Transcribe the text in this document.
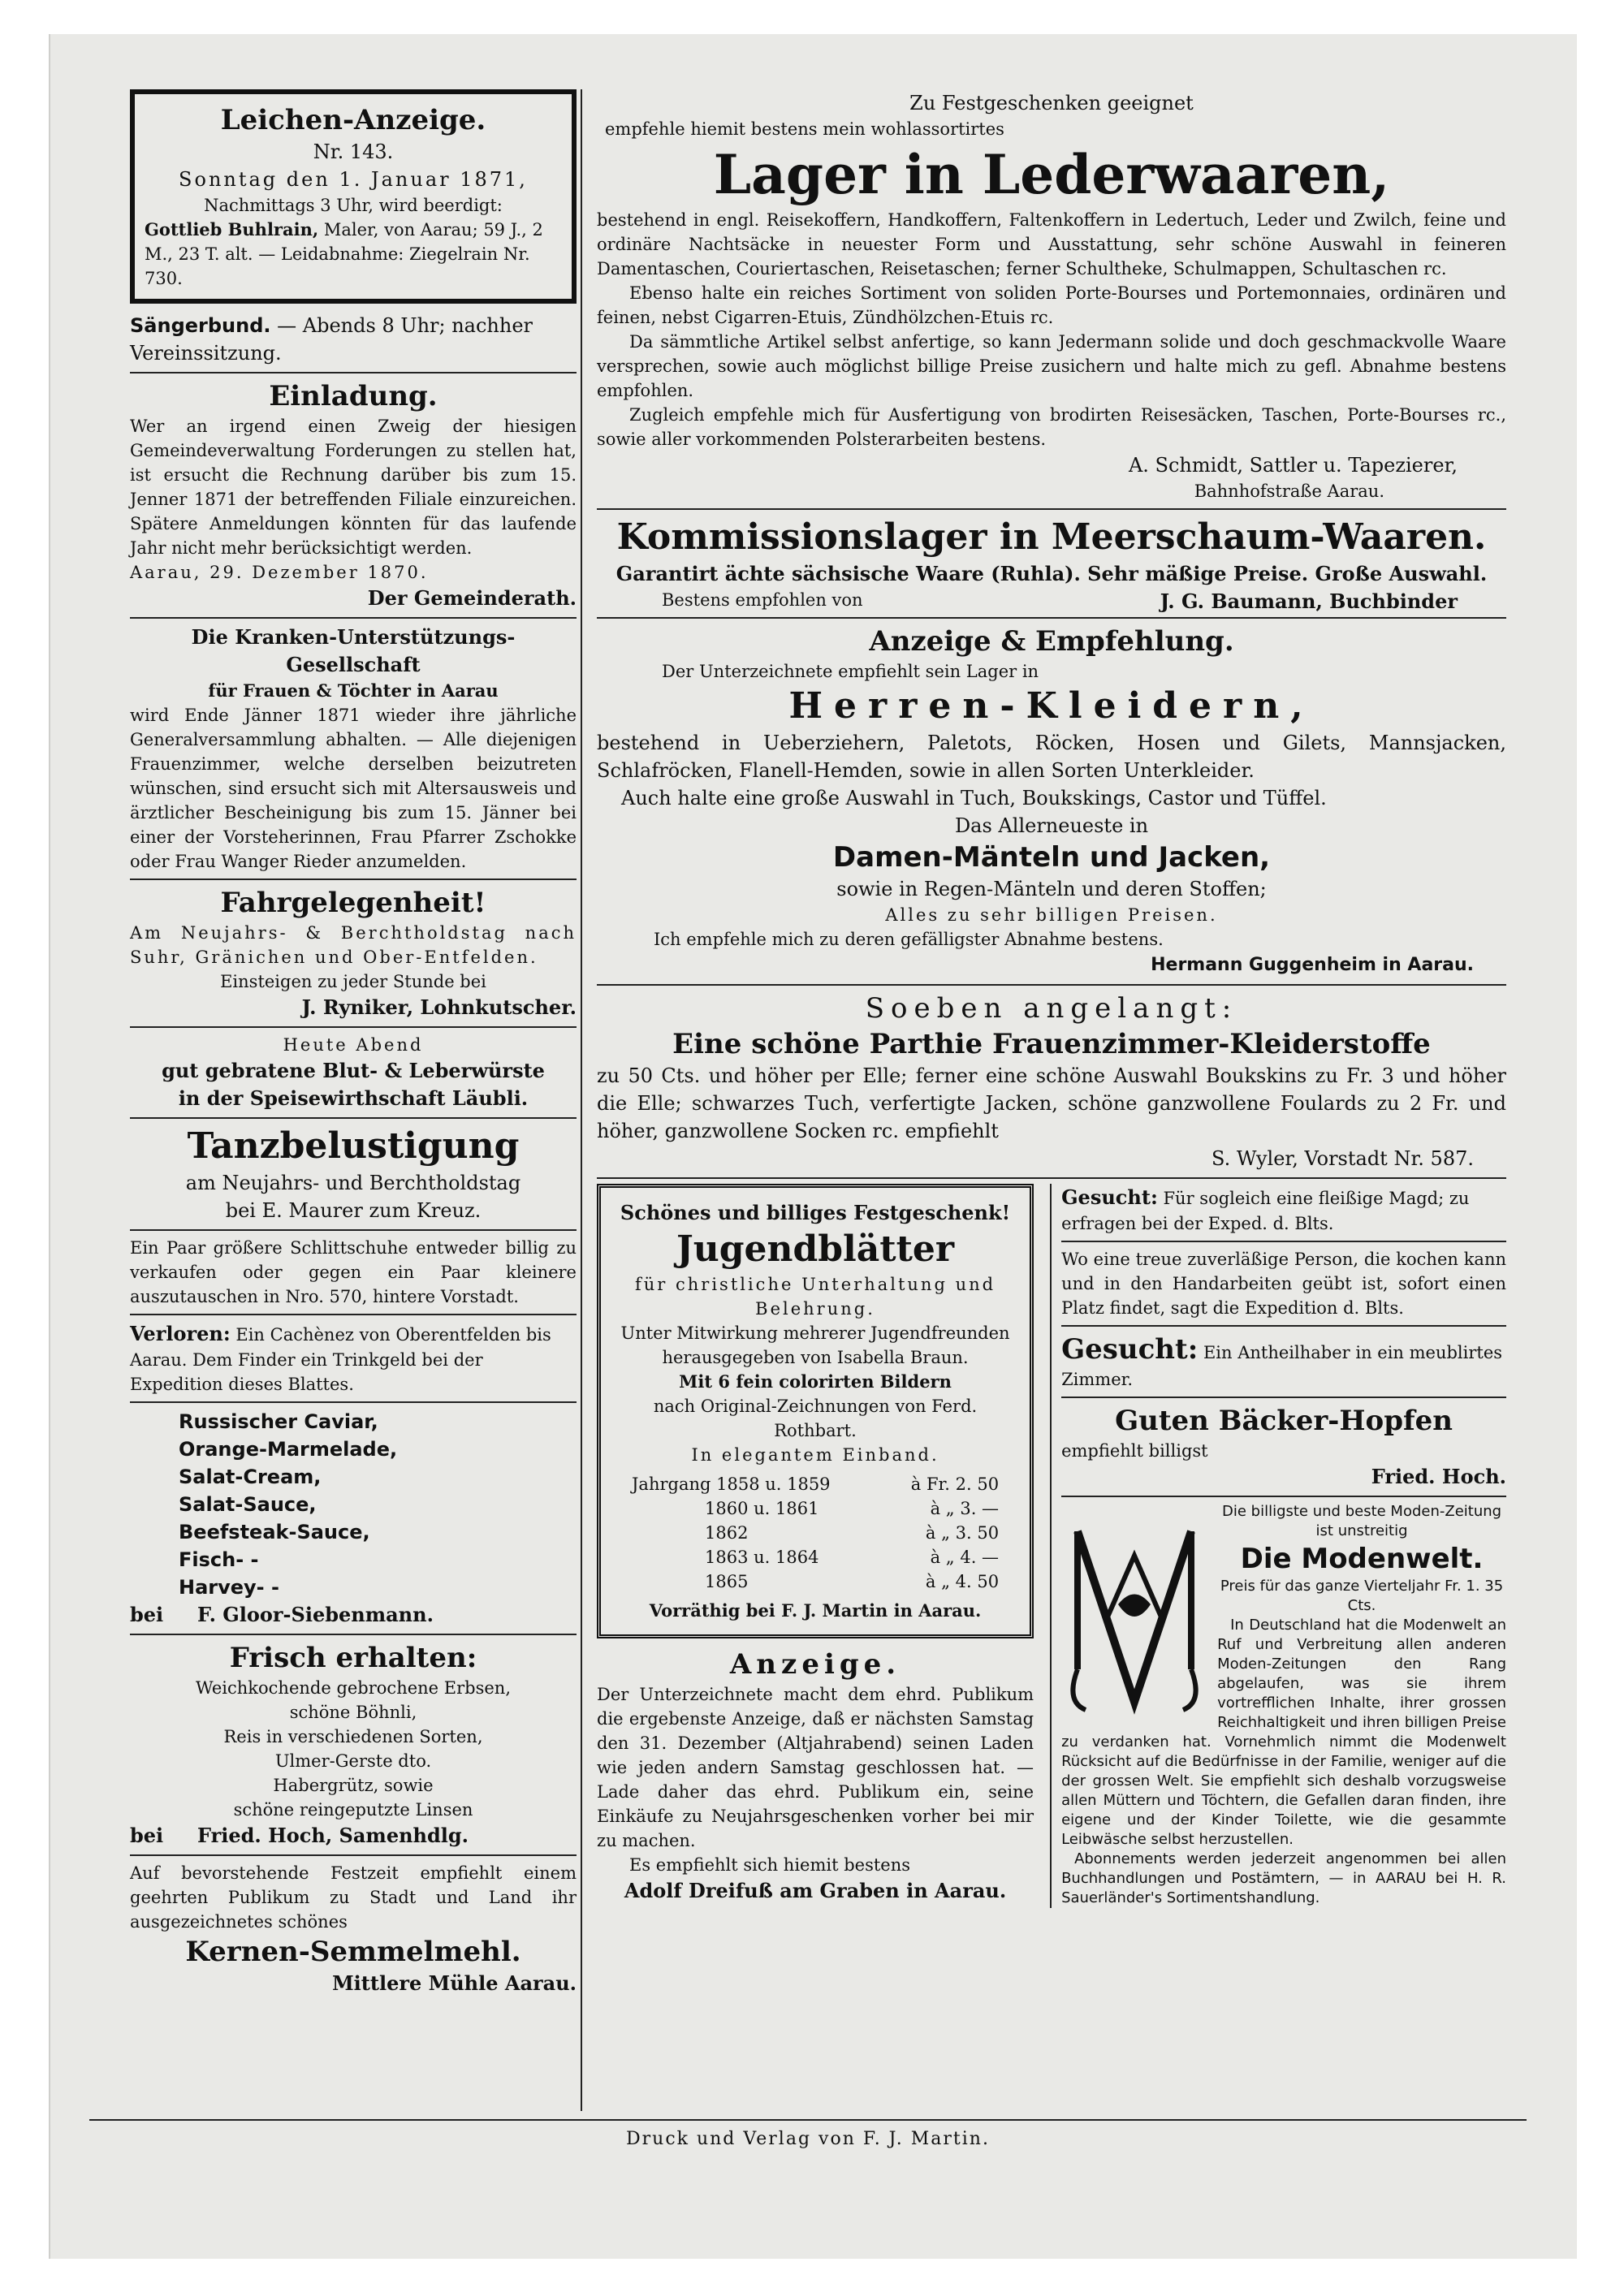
Leichen-Anzeige.

Nr. 143.

Sonntag den 1. Januar 1871,

Nachmittags 3 Uhr, wird beerdigt:

Gottlieb Buhlrain, Maler, von Aarau; 59 J., 2 M., 23 T. alt. — Leidabnahme: Ziegelrain Nr. 730.

Sängerbund. — Abends 8 Uhr; nachher Vereinssitzung.

Einladung.

Wer an irgend einen Zweig der hiesigen Gemeindeverwaltung Forderungen zu stellen hat, ist ersucht die Rechnung darüber bis zum 15. Jenner 1871 der betreffenden Filiale einzureichen. Spätere Anmeldungen könnten für das laufende Jahr nicht mehr berücksichtigt werden.

Aarau, 29. Dezember 1870.

Der Gemeinderath.

Die Kranken-Unterstützungs-Gesellschaft

für Frauen & Töchter in Aarau

wird Ende Jänner 1871 wieder ihre jährliche Generalversammlung abhalten. — Alle diejenigen Frauenzimmer, welche derselben beizutreten wünschen, sind ersucht sich mit Altersausweis und ärztlicher Bescheinigung bis zum 15. Jänner bei einer der Vorsteherinnen, Frau Pfarrer Zschokke oder Frau Wanger Rieder anzumelden.

Fahrgelegenheit!

Am Neujahrs- & Berchtholdstag nach Suhr, Gränichen und Ober-Entfelden.

Einsteigen zu jeder Stunde bei

J. Ryniker, Lohnkutscher.

Heute Abend

gut gebratene Blut- & Leberwürste

in der Speisewirthschaft Läubli.

Tanzbelustigung

am Neujahrs- und Berchtholdstag

bei E. Maurer zum Kreuz.

Ein Paar größere Schlittschuhe entweder billig zu verkaufen oder gegen ein Paar kleinere auszutauschen in Nro. 570, hintere Vorstadt.

Verloren: Ein Cachènez von Oberentfelden bis Aarau. Dem Finder ein Trinkgeld bei der Expedition dieses Blattes.

Russischer Caviar,

Orange-Marmelade,

Salat-Cream,

Salat-Sauce,

Beefsteak-Sauce,

Fisch- -

Harvey- -

bei     F. Gloor-Siebenmann.

Frisch erhalten:

Weichkochende gebrochene Erbsen,

schöne Böhnli,

Reis in verschiedenen Sorten,

Ulmer-Gerste dto.

Habergrütz, sowie

schöne reingeputzte Linsen

bei     Fried. Hoch, Samenhdlg.

Auf bevorstehende Festzeit empfiehlt einem geehrten Publikum zu Stadt und Land ihr ausgezeichnetes schönes

Kernen-Semmelmehl.

Mittlere Mühle Aarau.

Zu Festgeschenken geeignet

empfehle hiemit bestens mein wohlassortirtes

Lager in Lederwaaren,

bestehend in engl. Reisekoffern, Handkoffern, Faltenkoffern in Ledertuch, Leder und Zwilch, feine und ordinäre Nachtsäcke in neuester Form und Ausstattung, sehr schöne Auswahl in feineren Damentaschen, Couriertaschen, Reisetaschen; ferner Schultheke, Schulmappen, Schultaschen rc.

Ebenso halte ein reiches Sortiment von soliden Porte-Bourses und Portemonnaies, ordinären und feinen, nebst Cigarren-Etuis, Zündhölzchen-Etuis rc.

Da sämmtliche Artikel selbst anfertige, so kann Jedermann solide und doch geschmackvolle Waare versprechen, sowie auch möglichst billige Preise zusichern und halte mich zu gefl. Abnahme bestens empfohlen.

Zugleich empfehle mich für Ausfertigung von brodirten Reisesäcken, Taschen, Porte-Bourses rc., sowie aller vorkommenden Polsterarbeiten bestens.

A. Schmidt, Sattler u. Tapezierer,

Bahnhofstraße Aarau.

Kommissionslager in Meerschaum-Waaren.

Garantirt ächte sächsische Waare (Ruhla). Sehr mäßige Preise. Große Auswahl.

Bestens empfohlen von	J. G. Baumann, Buchbinder

Anzeige & Empfehlung.

Der Unterzeichnete empfiehlt sein Lager in

Herren-Kleidern,

bestehend in Ueberziehern, Paletots, Röcken, Hosen und Gilets, Mannsjacken, Schlafröcken, Flanell-Hemden, sowie in allen Sorten Unterkleider.

Auch halte eine große Auswahl in Tuch, Boukskings, Castor und Tüffel.

Das Allerneueste in

Damen-Mänteln und Jacken,

sowie in Regen-Mänteln und deren Stoffen;

Alles zu sehr billigen Preisen.

Ich empfehle mich zu deren gefälligster Abnahme bestens.

Hermann Guggenheim in Aarau.

Soeben angelangt:

Eine schöne Parthie Frauenzimmer-Kleiderstoffe

zu 50 Cts. und höher per Elle; ferner eine schöne Auswahl Boukskins zu Fr. 3 und höher die Elle; schwarzes Tuch, verfertigte Jacken, schöne ganzwollene Foulards zu 2 Fr. und höher, ganzwollene Socken rc. empfiehlt

S. Wyler, Vorstadt Nr. 587.

Schönes und billiges Festgeschenk!

Jugendblätter

für christliche Unterhaltung und Belehrung.

Unter Mitwirkung mehrerer Jugendfreunden herausgegeben von Isabella Braun.

Mit 6 fein colorirten Bildern

nach Original-Zeichnungen von Ferd. Rothbart.

In elegantem Einband.

Jahrgang 1858 u. 1859	à Fr. 2. 50
1860 u. 1861	à „ 3. —
1862	à „ 3. 50
1863 u. 1864	à „ 4. —
1865	à „ 4. 50

Vorräthig bei F. J. Martin in Aarau.

Anzeige.

Der Unterzeichnete macht dem ehrd. Publikum die ergebenste Anzeige, daß er nächsten Samstag den 31. Dezember (Altjahrabend) seinen Laden wie jeden andern Samstag geschlossen hat. — Lade daher das ehrd. Publikum ein, seine Einkäufe zu Neujahrsgeschenken vorher bei mir zu machen.

Es empfiehlt sich hiemit bestens

Adolf Dreifuß am Graben in Aarau.

Gesucht: Für sogleich eine fleißige Magd; zu erfragen bei der Exped. d. Blts.

Wo eine treue zuverläßige Person, die kochen kann und in den Handarbeiten geübt ist, sofort einen Platz findet, sagt die Expedition d. Blts.

Gesucht: Ein Antheilhaber in ein meublirtes Zimmer.

Guten Bäcker-Hopfen

empfiehlt billigst

Fried. Hoch.

Die billigste und beste Moden-Zeitung ist unstreitig

Die Modenwelt.

Preis für das ganze Vierteljahr Fr. 1. 35 Cts.

In Deutschland hat die Modenwelt an Ruf und Verbreitung allen anderen Moden-Zeitungen den Rang abgelaufen, was sie ihrem vortrefflichen Inhalte, ihrer grossen Reichhaltigkeit und ihren billigen Preise zu verdanken hat. Vornehmlich nimmt die Modenwelt Rücksicht auf die Bedürfnisse in der Familie, weniger auf die der grossen Welt. Sie empfiehlt sich deshalb vorzugsweise allen Müttern und Töchtern, die Gefallen daran finden, ihre eigene und der Kinder Toilette, wie die gesammte Leibwäsche selbst herzustellen.

Abonnements werden jederzeit angenommen bei allen Buchhandlungen und Postämtern, — in AARAU bei H. R. Sauerländer's Sortimentshandlung.

Druck und Verlag von F. J. Martin.
